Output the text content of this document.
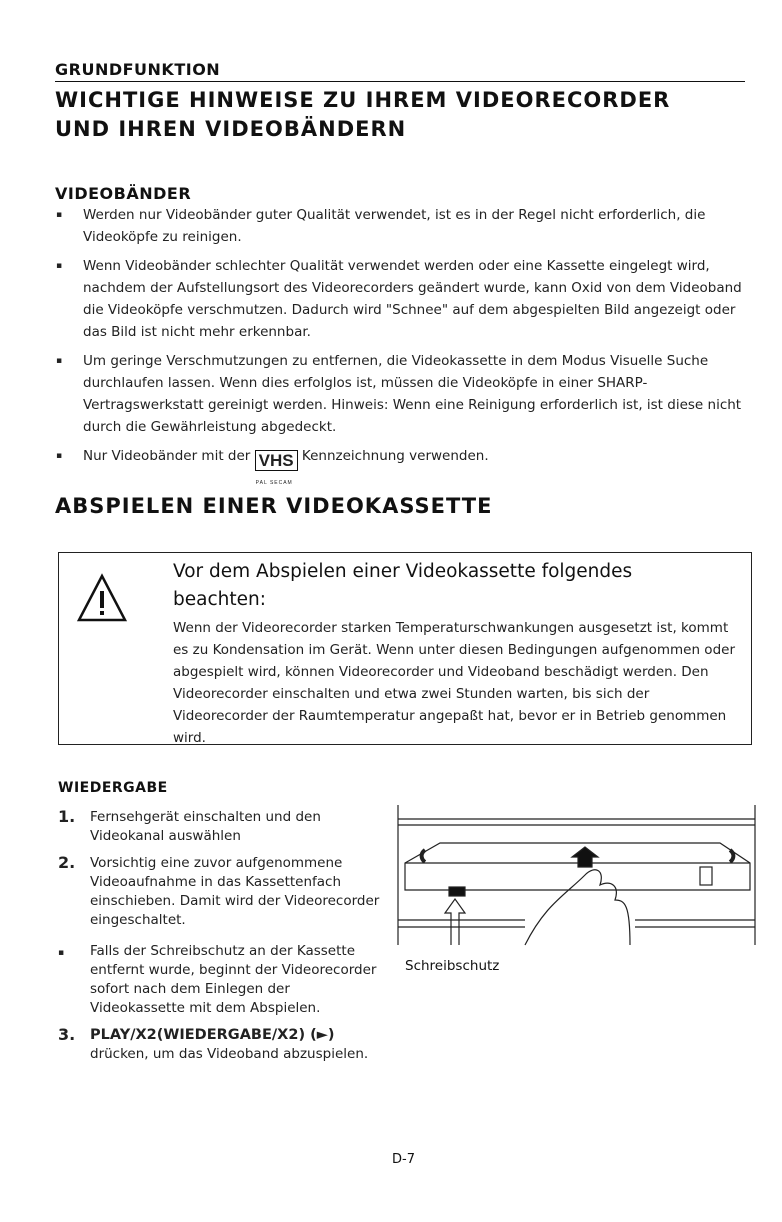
GRUNDFUNKTION
WICHTIGE HINWEISE ZU IHREM VIDEORECORDER
UND IHREN VIDEOBÄNDERN
VIDEOBÄNDER
▪ Werden nur Videobänder guter Qualität verwendet, ist es in der Regel nicht erforderlich, die Videoköpfe zu reinigen.
▪ Wenn Videobänder schlechter Qualität verwendet werden oder eine Kassette eingelegt wird, nachdem der Aufstellungsort des Videorecorders geändert wurde, kann Oxid von dem Videoband die Videoköpfe verschmutzen. Dadurch wird "Schnee" auf dem abgespielten Bild angezeigt oder das Bild ist nicht mehr erkennbar.
▪ Um geringe Verschmutzungen zu entfernen, die Videokassette in dem Modus Visuelle Suche durchlaufen lassen. Wenn dies erfolglos ist, müssen die Videoköpfe in einer SHARP-Vertragswerkstatt gereinigt werden. Hinweis: Wenn eine Reinigung erforderlich ist, ist diese nicht durch die Gewährleistung abgedeckt.
▪ Nur Videobänder mit der VHS
PAL SECAM
Kennzeichnung verwenden.
ABSPIELEN EINER VIDEOKASSETTE
Vor dem Abspielen einer Videokassette folgendes beachten:
Wenn der Videorecorder starken Temperaturschwankungen ausgesetzt ist, kommt es zu Kondensation im Gerät. Wenn unter diesen Bedingungen aufgenommen oder abgespielt wird, können Videorecorder und Videoband beschädigt werden. Den Videorecorder einschalten und etwa zwei Stunden warten, bis sich der Videorecorder der Raumtemperatur angepaßt hat, bevor er in Betrieb genommen wird.
WIEDERGABE
1. Fernsehgerät einschalten und den Videokanal auswählen
2. Vorsichtig eine zuvor aufgenommene Videoaufnahme in das Kassettenfach einschieben. Damit wird der Videorecorder eingeschaltet.
▪ Falls der Schreibschutz an der Kassette entfernt wurde, beginnt der Videorecorder sofort nach dem Einlegen der Videokassette mit dem Abspielen.
3. PLAY/X2(WIEDERGABE/X2) (►)
drücken, um das Videoband abzuspielen.
Schreibschutz
D-7
